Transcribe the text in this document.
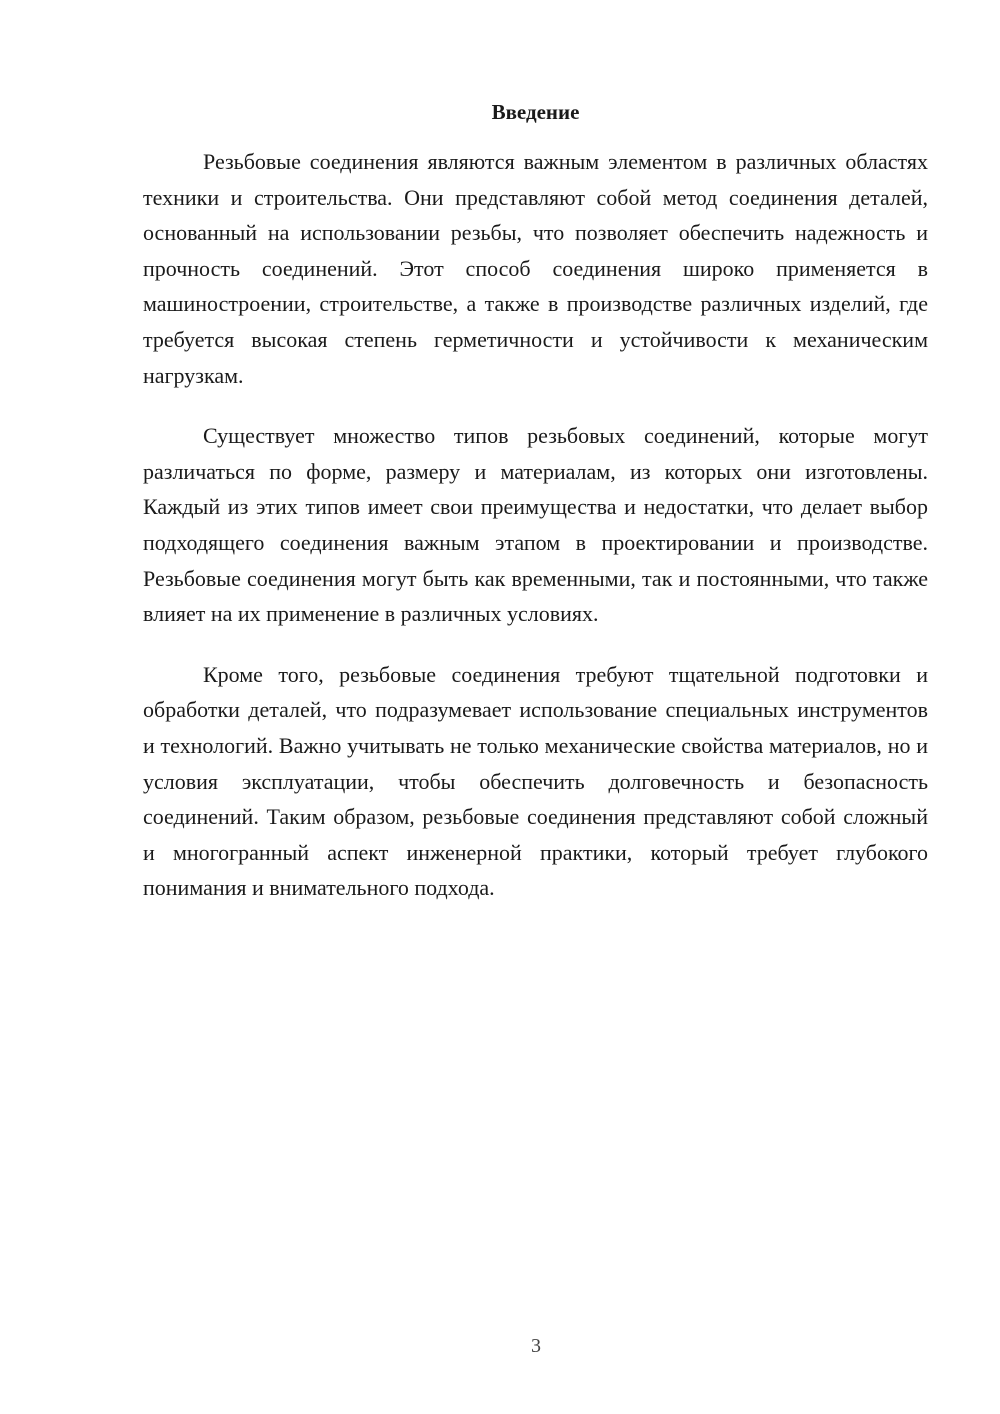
Введение

Резьбовые соединения являются важным элементом в различных областях техники и строительства. Они представляют собой метод соединения деталей, основанный на использовании резьбы, что позволяет обеспечить надежность и прочность соединений. Этот способ соединения широко применяется в машиностроении, строительстве, а также в производстве различных изделий, где требуется высокая степень герметичности и устойчивости к механическим нагрузкам.

Существует множество типов резьбовых соединений, которые могут различаться по форме, размеру и материалам, из которых они изготовлены. Каждый из этих типов имеет свои преимущества и недостатки, что делает выбор подходящего соединения важным этапом в проектировании и производстве. Резьбовые соединения могут быть как временными, так и постоянными, что также влияет на их применение в различных условиях.

Кроме того, резьбовые соединения требуют тщательной подготовки и обработки деталей, что подразумевает использование специальных инструментов и технологий. Важно учитывать не только механические свойства материалов, но и условия эксплуатации, чтобы обеспечить долговечность и безопасность соединений. Таким образом, резьбовые соединения представляют собой сложный и многогранный аспект инженерной практики, который требует глубокого понимания и внимательного подхода.

3
